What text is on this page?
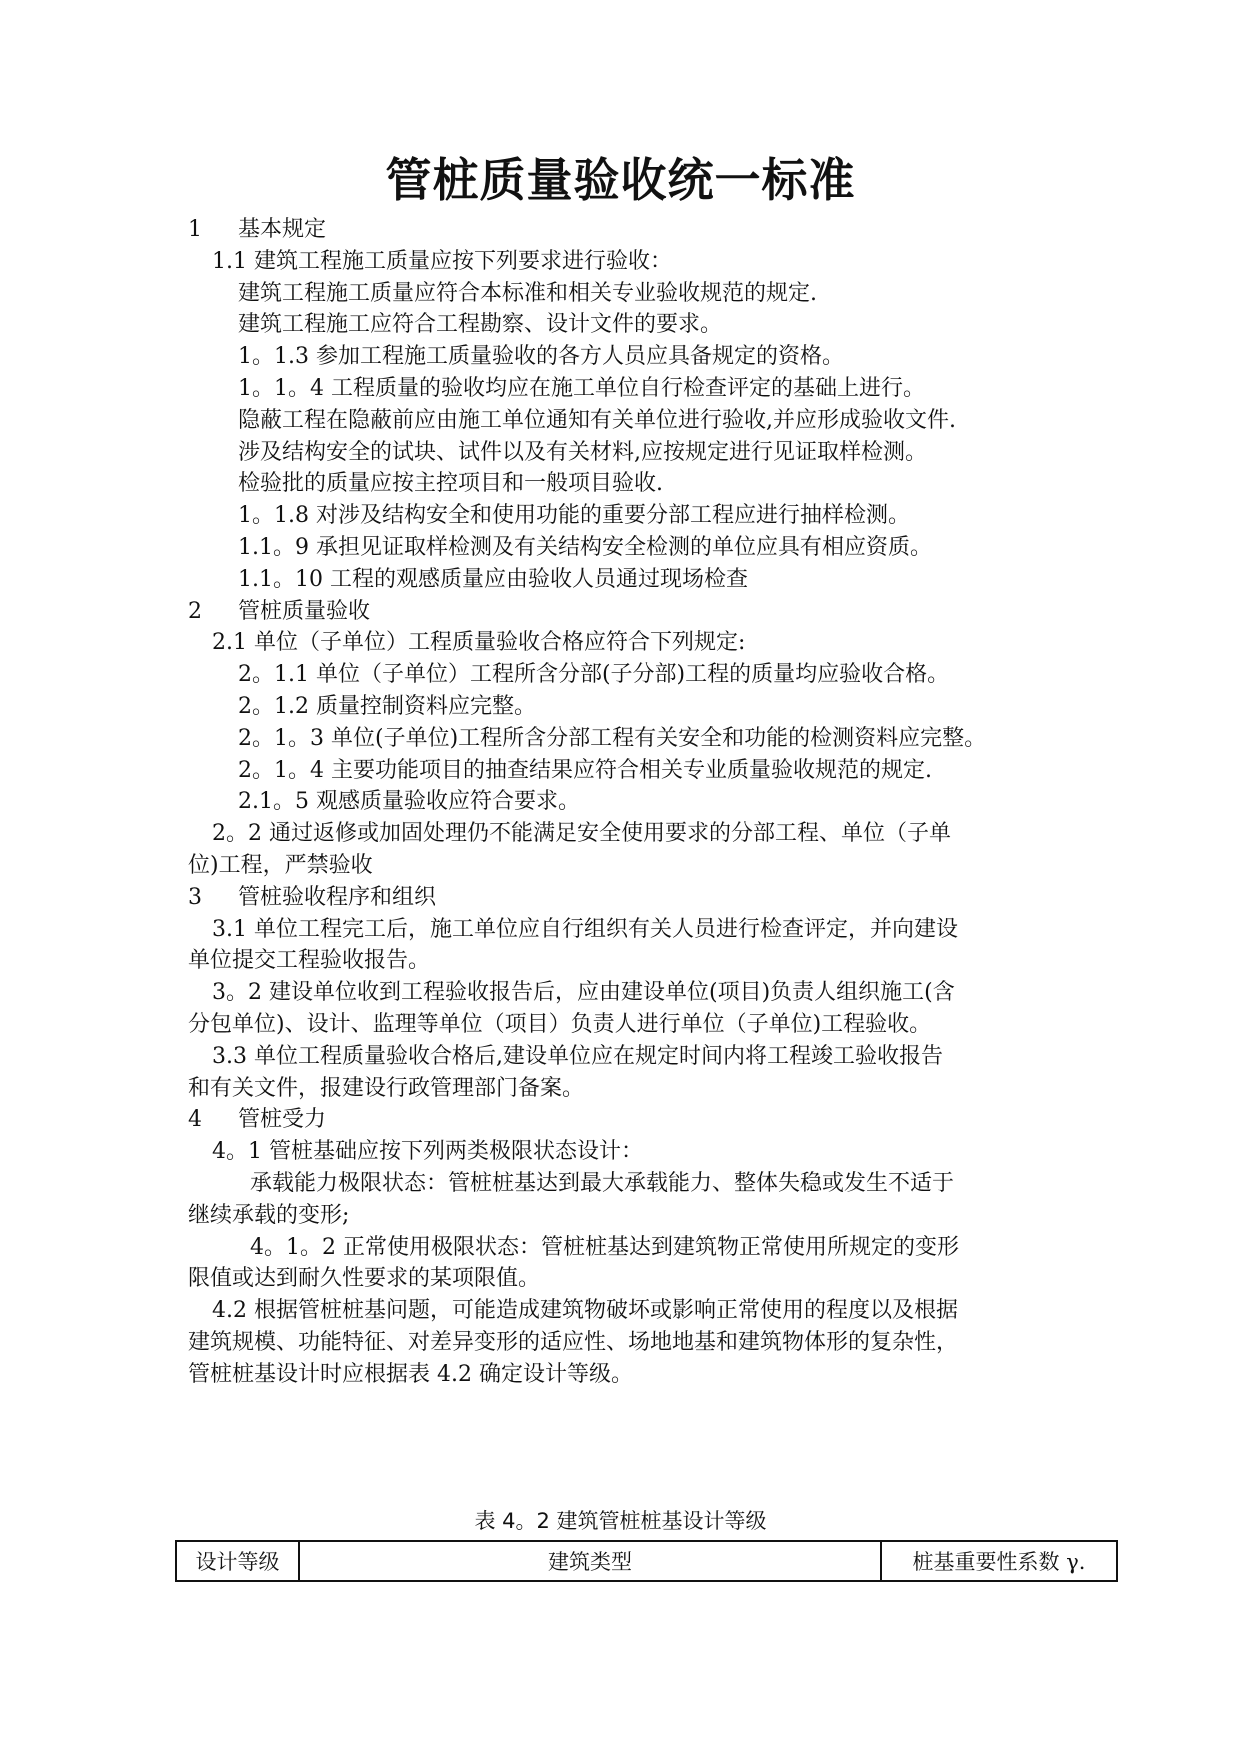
管桩质量验收统一标准
1	基本规定
1.1 建筑工程施工质量应按下列要求进行验收：
建筑工程施工质量应符合本标准和相关专业验收规范的规定.
建筑工程施工应符合工程勘察、设计文件的要求。
1。1.3 参加工程施工质量验收的各方人员应具备规定的资格。
1。1。4 工程质量的验收均应在施工单位自行检查评定的基础上进行。
隐蔽工程在隐蔽前应由施工单位通知有关单位进行验收,并应形成验收文件.
涉及结构安全的试块、试件以及有关材料,应按规定进行见证取样检测。
检验批的质量应按主控项目和一般项目验收.
1。1.8 对涉及结构安全和使用功能的重要分部工程应进行抽样检测。
1.1。9 承担见证取样检测及有关结构安全检测的单位应具有相应资质。
1.1。10 工程的观感质量应由验收人员通过现场检查
2	管桩质量验收
2.1 单位（子单位）工程质量验收合格应符合下列规定:
2。1.1 单位（子单位）工程所含分部(子分部)工程的质量均应验收合格。
2。1.2 质量控制资料应完整。
2。1。3 单位(子单位)工程所含分部工程有关安全和功能的检测资料应完整。
2。1。4 主要功能项目的抽查结果应符合相关专业质量验收规范的规定.
2.1。5 观感质量验收应符合要求。
2。2 通过返修或加固处理仍不能满足安全使用要求的分部工程、单位（子单
位)工程，严禁验收
3	管桩验收程序和组织
3.1 单位工程完工后，施工单位应自行组织有关人员进行检查评定，并向建设
单位提交工程验收报告。
3。2 建设单位收到工程验收报告后，应由建设单位(项目)负责人组织施工(含
分包单位)、设计、监理等单位（项目）负责人进行单位（子单位)工程验收。
3.3 单位工程质量验收合格后,建设单位应在规定时间内将工程竣工验收报告
和有关文件，报建设行政管理部门备案。
4	管桩受力
4。1 管桩基础应按下列两类极限状态设计：
承载能力极限状态：管桩桩基达到最大承载能力、整体失稳或发生不适于
继续承载的变形;
4。1。2 正常使用极限状态：管桩桩基达到建筑物正常使用所规定的变形
限值或达到耐久性要求的某项限值。
4.2 根据管桩桩基问题，可能造成建筑物破坏或影响正常使用的程度以及根据
建筑规模、功能特征、对差异变形的适应性、场地地基和建筑物体形的复杂性，
管桩桩基设计时应根据表 4.2 确定设计等级。
表 4。2 建筑管桩桩基设计等级
设计等级	建筑类型	桩基重要性系数 γ.
